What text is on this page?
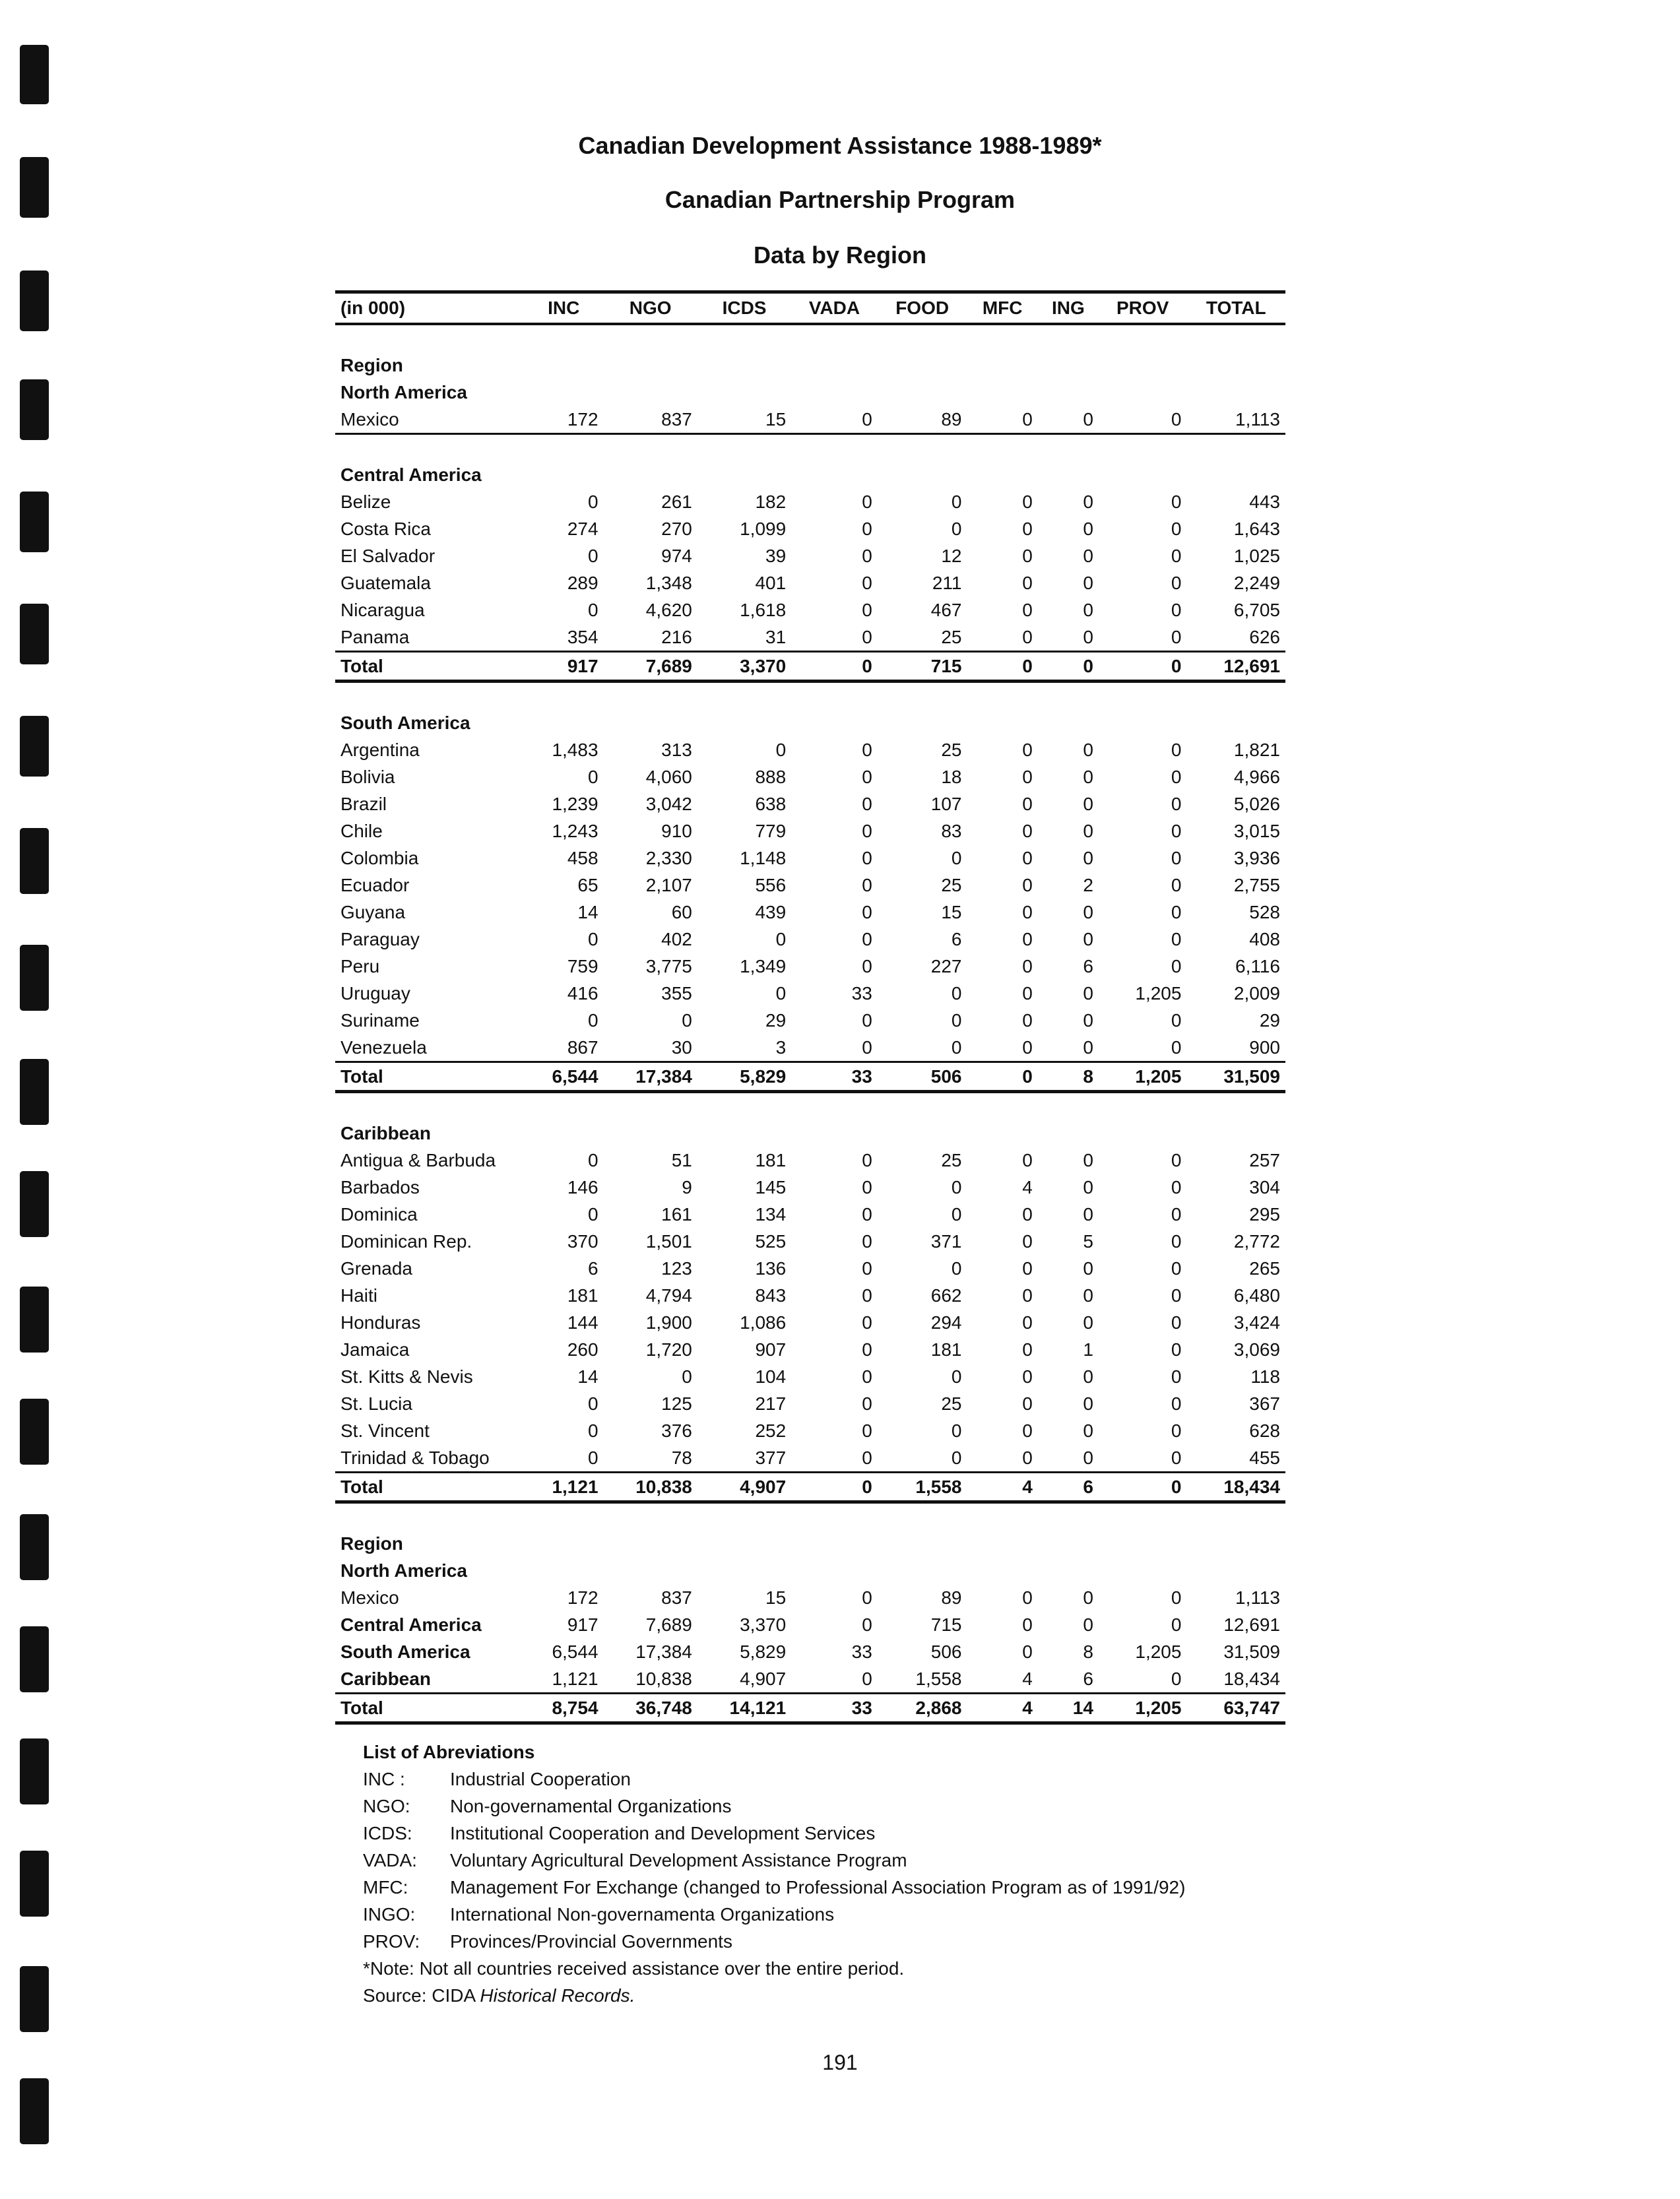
Canadian Development Assistance 1988-1989*
Canadian Partnership Program
Data by Region
(in 000)	INC	NGO	ICDS	VADA	FOOD	MFC	ING	PROV	TOTAL

Region									
North America									
Mexico	172	837	15	0	89	0	0	0	1,113

Central America									
Belize	0	261	182	0	0	0	0	0	443
Costa Rica	274	270	1,099	0	0	0	0	0	1,643
El Salvador	0	974	39	0	12	0	0	0	1,025
Guatemala	289	1,348	401	0	211	0	0	0	2,249
Nicaragua	0	4,620	1,618	0	467	0	0	0	6,705
Panama	354	216	31	0	25	0	0	0	626
Total	917	7,689	3,370	0	715	0	0	0	12,691

South America									
Argentina	1,483	313	0	0	25	0	0	0	1,821
Bolivia	0	4,060	888	0	18	0	0	0	4,966
Brazil	1,239	3,042	638	0	107	0	0	0	5,026
Chile	1,243	910	779	0	83	0	0	0	3,015
Colombia	458	2,330	1,148	0	0	0	0	0	3,936
Ecuador	65	2,107	556	0	25	0	2	0	2,755
Guyana	14	60	439	0	15	0	0	0	528
Paraguay	0	402	0	0	6	0	0	0	408
Peru	759	3,775	1,349	0	227	0	6	0	6,116
Uruguay	416	355	0	33	0	0	0	1,205	2,009
Suriname	0	0	29	0	0	0	0	0	29
Venezuela	867	30	3	0	0	0	0	0	900
Total	6,544	17,384	5,829	33	506	0	8	1,205	31,509

Caribbean									
Antigua & Barbuda	0	51	181	0	25	0	0	0	257
Barbados	146	9	145	0	0	4	0	0	304
Dominica	0	161	134	0	0	0	0	0	295
Dominican Rep.	370	1,501	525	0	371	0	5	0	2,772
Grenada	6	123	136	0	0	0	0	0	265
Haiti	181	4,794	843	0	662	0	0	0	6,480
Honduras	144	1,900	1,086	0	294	0	0	0	3,424
Jamaica	260	1,720	907	0	181	0	1	0	3,069
St. Kitts & Nevis	14	0	104	0	0	0	0	0	118
St. Lucia	0	125	217	0	25	0	0	0	367
St. Vincent	0	376	252	0	0	0	0	0	628
Trinidad & Tobago	0	78	377	0	0	0	0	0	455
Total	1,121	10,838	4,907	0	1,558	4	6	0	18,434

Region									
North America									
Mexico	172	837	15	0	89	0	0	0	1,113
Central America	917	7,689	3,370	0	715	0	0	0	12,691
South America	6,544	17,384	5,829	33	506	0	8	1,205	31,509
Caribbean	1,121	10,838	4,907	0	1,558	4	6	0	18,434
Total	8,754	36,748	14,121	33	2,868	4	14	1,205	63,747
List of Abreviations
INC : Industrial Cooperation
NGO: Non-governamental Organizations
ICDS: Institutional Cooperation and Development Services
VADA: Voluntary Agricultural Development Assistance Program
MFC: Management For Exchange (changed to Professional Association Program as of 1991/92)
INGO: International Non-governamenta Organizations
PROV: Provinces/Provincial Governments
*Note: Not all countries received assistance over the entire period.
Source: CIDA Historical Records.
191
